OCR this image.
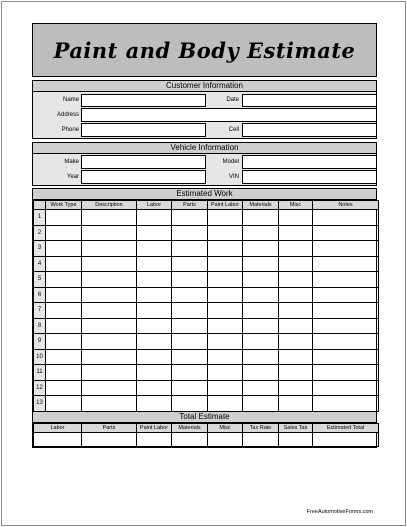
Paint and Body Estimate
Customer Information
Name	Date
Address
Phone	Cell
Vehicle Information
Make	Model
Year	VIN
Estimated Work
	Work Type	Description	Labor	Parts	Paint Labor	Materials	Misc	Notes
1								
2								
3								
4								
5								
6								
7								
8								
9								
10								
11								
12								
13								
Total Estimate
Labor	Parts	Paint Labor	Materials	Misc	Tax Rate	Sales Tax	Estimated Total

FreeAutomotiveForms.com
